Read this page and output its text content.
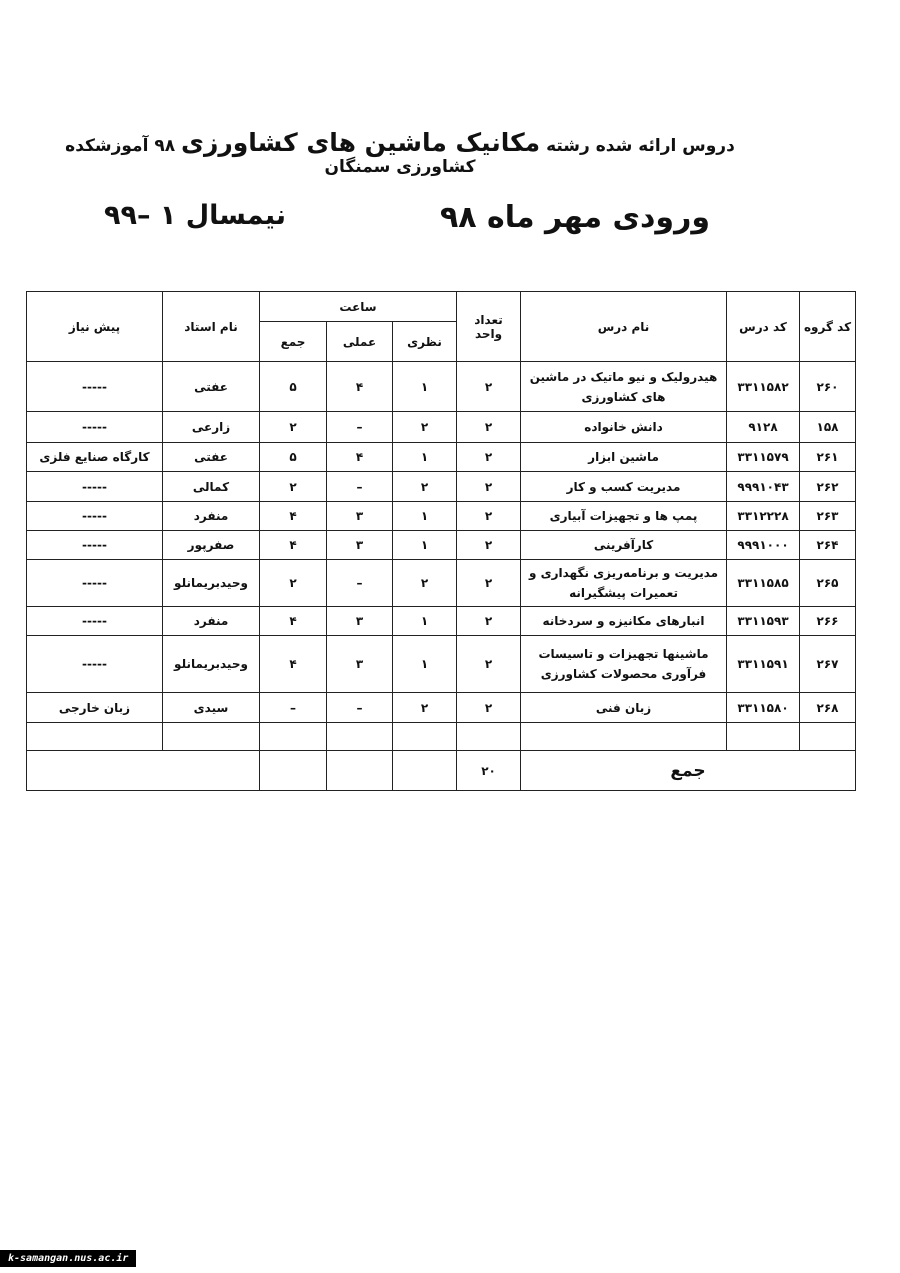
دروس ارائه شده رشته مکانیک ماشین های کشاورزی ۹۸ آموزشکده کشاورزی سمنگان
ورودی مهر ماه ۹۸
نیمسال ۱ –۹۹
کد گروه	کد درس	نام درس	تعداد واحد	ساعت			نام استاد	پیش نیاز
				نظری	عملی	جمع		
۲۶۰	۳۳۱۱۵۸۲	هیدرولیک و نیو ماتیک در ماشین های کشاورزی	۲	۱	۴	۵	عفتی	-----
۱۵۸	۹۱۲۸	دانش خانواده	۲	۲	–	۲	زارعی	-----
۲۶۱	۳۳۱۱۵۷۹	ماشین ابزار	۲	۱	۴	۵	عفتی	کارگاه صنایع فلزی
۲۶۲	۹۹۹۱۰۴۳	مدیریت کسب و کار	۲	۲	–	۲	کمالی	-----
۲۶۳	۳۳۱۲۲۲۸	پمپ ها و تجهیزات آبیاری	۲	۱	۳	۴	منفرد	-----
۲۶۴	۹۹۹۱۰۰۰	کارآفرینی	۲	۱	۳	۴	صفرپور	-----
۲۶۵	۳۳۱۱۵۸۵	مدیریت و برنامه‌ریزی نگهداری و تعمیرات پیشگیرانه	۲	۲	–	۲	وحیدبریمانلو	-----
۲۶۶	۳۳۱۱۵۹۳	انبارهای مکانیزه و سردخانه	۲	۱	۳	۴	منفرد	-----
۲۶۷	۳۳۱۱۵۹۱	ماشینها تجهیزات و تاسیسات فرآوری محصولات کشاورزی	۲	۱	۳	۴	وحیدبریمانلو	-----
۲۶۸	۳۳۱۱۵۸۰	زبان فنی	۲	۲	–	–	سیدی	زبان خارجی

جمع			۲۰					
k-samangan.nus.ac.ir
